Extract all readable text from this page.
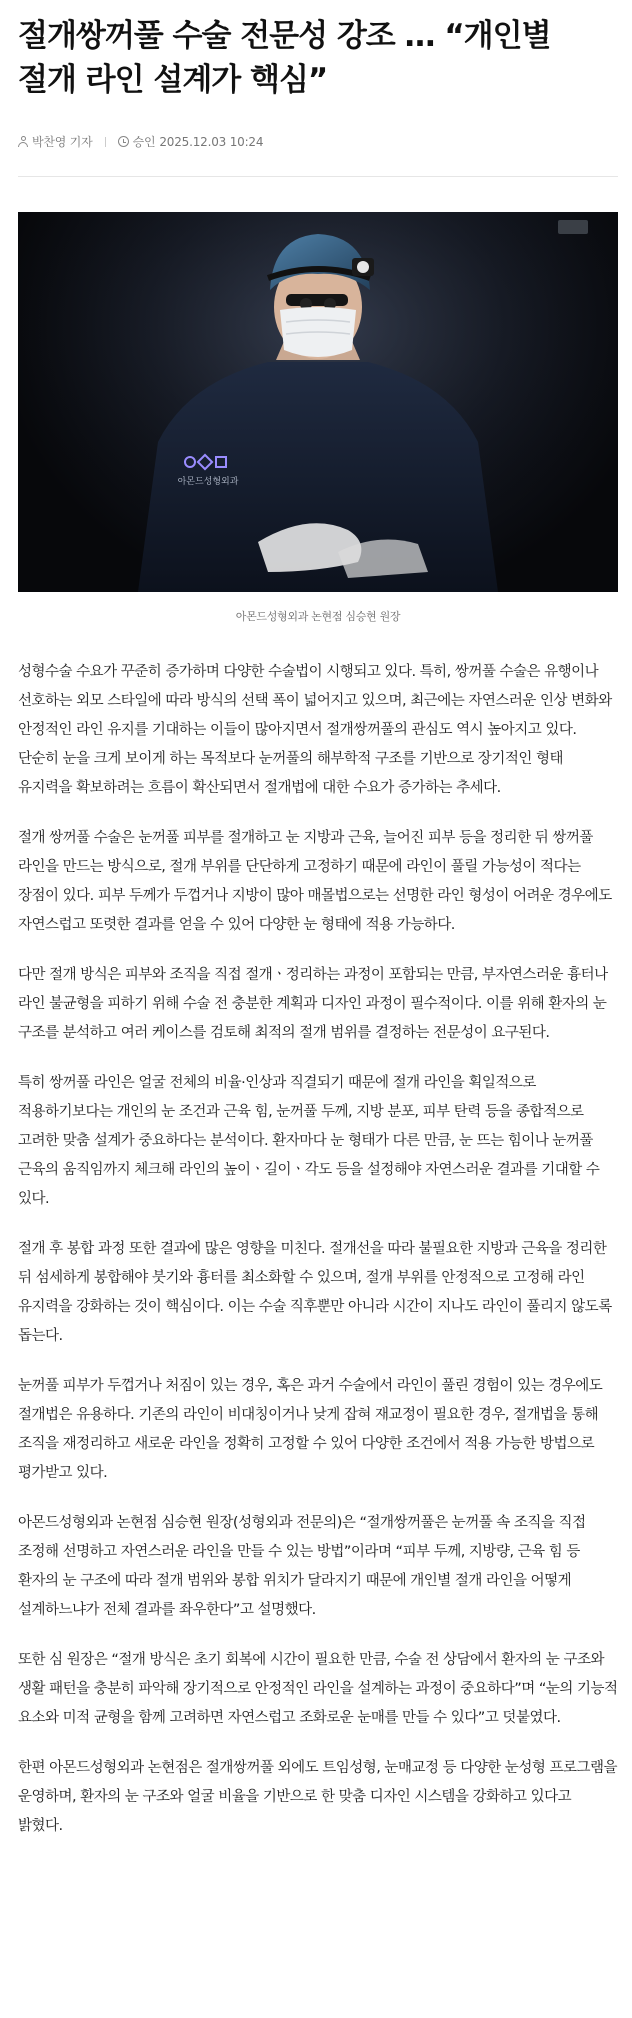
절개쌍꺼풀 수술 전문성 강조 … “개인별 절개 라인 설계가 핵심”
박찬영 기자	승인 2025.12.03 10:24
아몬드성형외과
아몬드성형외과 논현점 심승현 원장

성형수술 수요가 꾸준히 증가하며 다양한 수술법이 시행되고 있다. 특히, 쌍꺼풀 수술은 유행이나 선호하는 외모 스타일에 따라 방식의 선택 폭이 넓어지고 있으며, 최근에는 자연스러운 인상 변화와 안정적인 라인 유지를 기대하는 이들이 많아지면서 절개쌍꺼풀의 관심도 역시 높아지고 있다. 단순히 눈을 크게 보이게 하는 목적보다 눈꺼풀의 해부학적 구조를 기반으로 장기적인 형태 유지력을 확보하려는 흐름이 확산되면서 절개법에 대한 수요가 증가하는 추세다.

절개 쌍꺼풀 수술은 눈꺼풀 피부를 절개하고 눈 지방과 근육, 늘어진 피부 등을 정리한 뒤 쌍꺼풀 라인을 만드는 방식으로, 절개 부위를 단단하게 고정하기 때문에 라인이 풀릴 가능성이 적다는 장점이 있다. 피부 두께가 두껍거나 지방이 많아 매몰법으로는 선명한 라인 형성이 어려운 경우에도 자연스럽고 또렷한 결과를 얻을 수 있어 다양한 눈 형태에 적용 가능하다.

다만 절개 방식은 피부와 조직을 직접 절개ㆍ정리하는 과정이 포함되는 만큼, 부자연스러운 흉터나 라인 불균형을 피하기 위해 수술 전 충분한 계획과 디자인 과정이 필수적이다. 이를 위해 환자의 눈 구조를 분석하고 여러 케이스를 검토해 최적의 절개 범위를 결정하는 전문성이 요구된다.

특히 쌍꺼풀 라인은 얼굴 전체의 비율·인상과 직결되기 때문에 절개 라인을 획일적으로 적용하기보다는 개인의 눈 조건과 근육 힘, 눈꺼풀 두께, 지방 분포, 피부 탄력 등을 종합적으로 고려한 맞춤 설계가 중요하다는 분석이다. 환자마다 눈 형태가 다른 만큼, 눈 뜨는 힘이나 눈꺼풀 근육의 움직임까지 체크해 라인의 높이ㆍ길이ㆍ각도 등을 설정해야 자연스러운 결과를 기대할 수 있다.

절개 후 봉합 과정 또한 결과에 많은 영향을 미친다. 절개선을 따라 불필요한 지방과 근육을 정리한 뒤 섬세하게 봉합해야 붓기와 흉터를 최소화할 수 있으며, 절개 부위를 안정적으로 고정해 라인 유지력을 강화하는 것이 핵심이다. 이는 수술 직후뿐만 아니라 시간이 지나도 라인이 풀리지 않도록 돕는다.

눈꺼풀 피부가 두껍거나 처짐이 있는 경우, 혹은 과거 수술에서 라인이 풀린 경험이 있는 경우에도 절개법은 유용하다. 기존의 라인이 비대칭이거나 낮게 잡혀 재교정이 필요한 경우, 절개법을 통해 조직을 재정리하고 새로운 라인을 정확히 고정할 수 있어 다양한 조건에서 적용 가능한 방법으로 평가받고 있다.

아몬드성형외과 논현점 심승현 원장(성형외과 전문의)은 “절개쌍꺼풀은 눈꺼풀 속 조직을 직접 조정해 선명하고 자연스러운 라인을 만들 수 있는 방법”이라며 “피부 두께, 지방량, 근육 힘 등 환자의 눈 구조에 따라 절개 범위와 봉합 위치가 달라지기 때문에 개인별 절개 라인을 어떻게 설계하느냐가 전체 결과를 좌우한다”고 설명했다.

또한 심 원장은 “절개 방식은 초기 회복에 시간이 필요한 만큼, 수술 전 상담에서 환자의 눈 구조와 생활 패턴을 충분히 파악해 장기적으로 안정적인 라인을 설계하는 과정이 중요하다”며 “눈의 기능적 요소와 미적 균형을 함께 고려하면 자연스럽고 조화로운 눈매를 만들 수 있다”고 덧붙였다.

한편 아몬드성형외과 논현점은 절개쌍꺼풀 외에도 트임성형, 눈매교정 등 다양한 눈성형 프로그램을 운영하며, 환자의 눈 구조와 얼굴 비율을 기반으로 한 맞춤 디자인 시스템을 강화하고 있다고 밝혔다.
